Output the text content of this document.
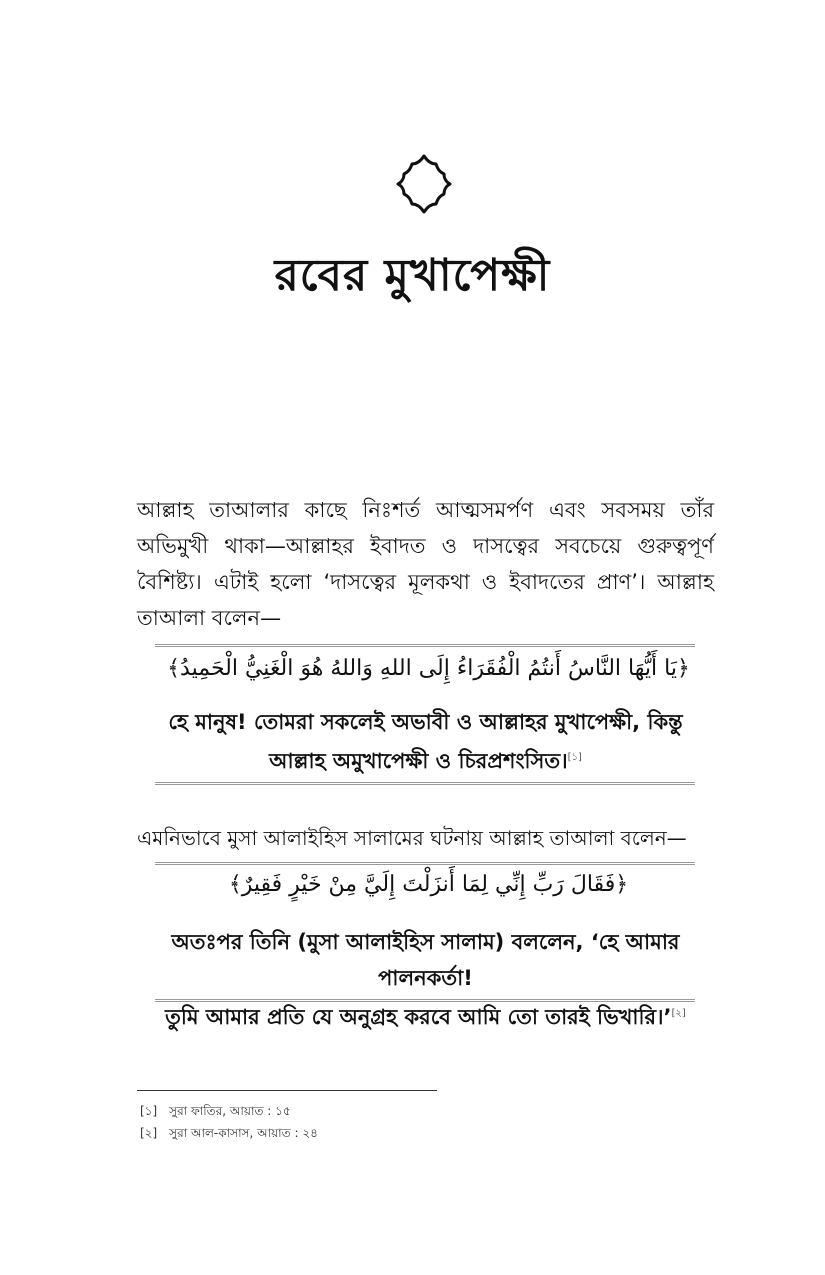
রবের মুখাপেক্ষী
আল্লাহ তাআলার কাছে নিঃশর্ত আত্মসমর্পণ এবং সবসময় তাঁর অভিমুখী থাকা—আল্লাহর ইবাদত ও দাসত্বের সবচেয়ে গুরুত্বপূর্ণ বৈশিষ্ট্য। এটাই হলো ‘দাসত্বের মূলকথা ও ইবাদতের প্রাণ’। আল্লাহ তাআলা বলেন—
﴿يَا أَيُّهَا النَّاسُ أَنتُمُ الْفُقَرَاءُ إِلَى اللهِ وَاللهُ هُوَ الْغَنِيُّ الْحَمِيدُ﴾
হে মানুষ! তোমরা সকলেই অভাবী ও আল্লাহর মুখাপেক্ষী, কিন্তু
আল্লাহ অমুখাপেক্ষী ও চিরপ্রশংসিত।[১]
এমনিভাবে মুসা আলাইহিস সালামের ঘটনায় আল্লাহ তাআলা বলেন—
﴿فَقَالَ رَبِّ إِنِّي لِمَا أَنزَلْتَ إِلَيَّ مِنْ خَيْرٍ فَقِيرٌ﴾
অতঃপর তিনি (মুসা আলাইহিস সালাম) বললেন, ‘হে আমার পালনকর্তা!
তুমি আমার প্রতি যে অনুগ্রহ করবে আমি তো তারই ভিখারি।’[২]
[১] সুরা ফাতির, আয়াত : ১৫
[২] সুরা আল-কাসাস, আয়াত : ২৪
